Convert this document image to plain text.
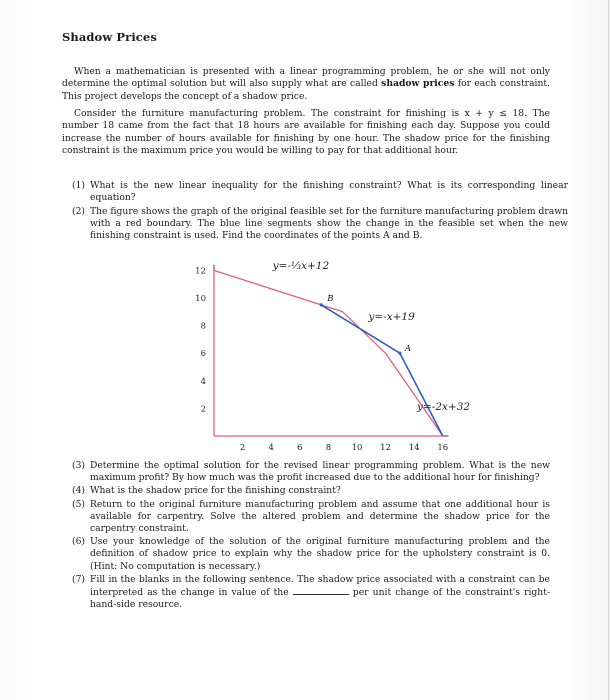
Shadow Prices
When a mathematician is presented with a linear programming problem, he or she will not only determine the optimal solution but will also supply what are called shadow prices for each constraint. This project develops the concept of a shadow price.
Consider the furniture manufacturing problem. The constraint for finishing is x + y ≤ 18. The number 18 came from the fact that 18 hours are available for finishing each day. Suppose you could increase the number of hours available for finishing by one hour. The shadow price for the finishing constraint is the maximum price you would be willing to pay for that additional hour.
(1) What is the new linear inequality for the finishing constraint? What is its corresponding linear equation?
(2) The figure shows the graph of the original feasible set for the furniture manufacturing problem drawn with a red boundary. The blue line segments show the change in the feasible set when the new finishing constraint is used. Find the coordinates of the points A and B.
2	4	6	8 10 12 14 16
2
4
6
8
10
12
B
A
y=-⅓x+12
y=-x+19
y=-2x+32
(3) Determine the optimal solution for the revised linear programming problem. What is the new maximum profit? By how much was the profit increased due to the additional hour for finishing?
(4) What is the shadow price for the finishing constraint?
(5) Return to the original furniture manufacturing problem and assume that one additional hour is available for carpentry. Solve the altered problem and determine the shadow price for the carpentry constraint.
(6) Use your knowledge of the solution of the original furniture manufacturing problem and the definition of shadow price to explain why the shadow price for the upholstery constraint is 0. (Hint: No computation is necessary.)
(7) Fill in the blanks in the following sentence. The shadow price associated with a constraint can be interpreted as the change in value of the	per unit change of the constraint's right-hand-side resource.
